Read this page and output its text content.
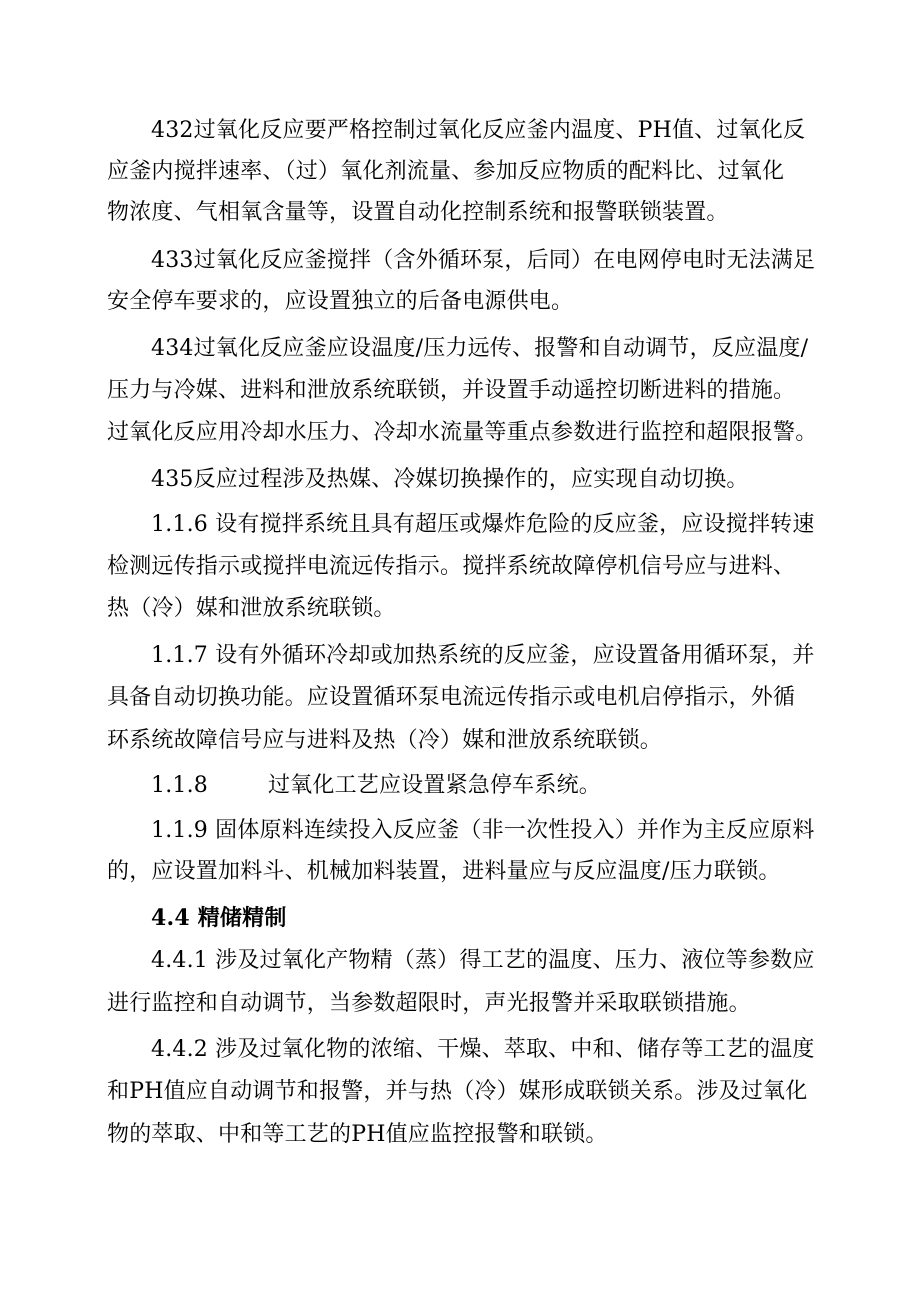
432过氧化反应要严格控制过氧化反应釜内温度、PH值、过氧化反
应釜内搅拌速率、（过）氧化剂流量、参加反应物质的配料比、过氧化
物浓度、气相氧含量等，设置自动化控制系统和报警联锁装置。
433过氧化反应釜搅拌（含外循环泵，后同）在电网停电时无法满足
安全停车要求的，应设置独立的后备电源供电。
434过氧化反应釜应设温度/压力远传、报警和自动调节，反应温度/
压力与冷媒、进料和泄放系统联锁，并设置手动遥控切断进料的措施。
过氧化反应用冷却水压力、冷却水流量等重点参数进行监控和超限报警。
435反应过程涉及热媒、冷媒切换操作的，应实现自动切换。
1.1.6 设有搅拌系统且具有超压或爆炸危险的反应釜，应设搅拌转速
检测远传指示或搅拌电流远传指示。搅拌系统故障停机信号应与进料、
热（冷）媒和泄放系统联锁。
1.1.7 设有外循环冷却或加热系统的反应釜，应设置备用循环泵，并
具备自动切换功能。应设置循环泵电流远传指示或电机启停指示，外循
环系统故障信号应与进料及热（冷）媒和泄放系统联锁。
1.1.8	过氧化工艺应设置紧急停车系统。
1.1.9 固体原料连续投入反应釜（非一次性投入）并作为主反应原料
的，应设置加料斗、机械加料装置，进料量应与反应温度/压力联锁。
4.4 精储精制
4.4.1 涉及过氧化产物精（蒸）得工艺的温度、压力、液位等参数应
进行监控和自动调节，当参数超限时，声光报警并采取联锁措施。
4.4.2 涉及过氧化物的浓缩、干燥、萃取、中和、储存等工艺的温度
和PH值应自动调节和报警，并与热（冷）媒形成联锁关系。涉及过氧化
物的萃取、中和等工艺的PH值应监控报警和联锁。
